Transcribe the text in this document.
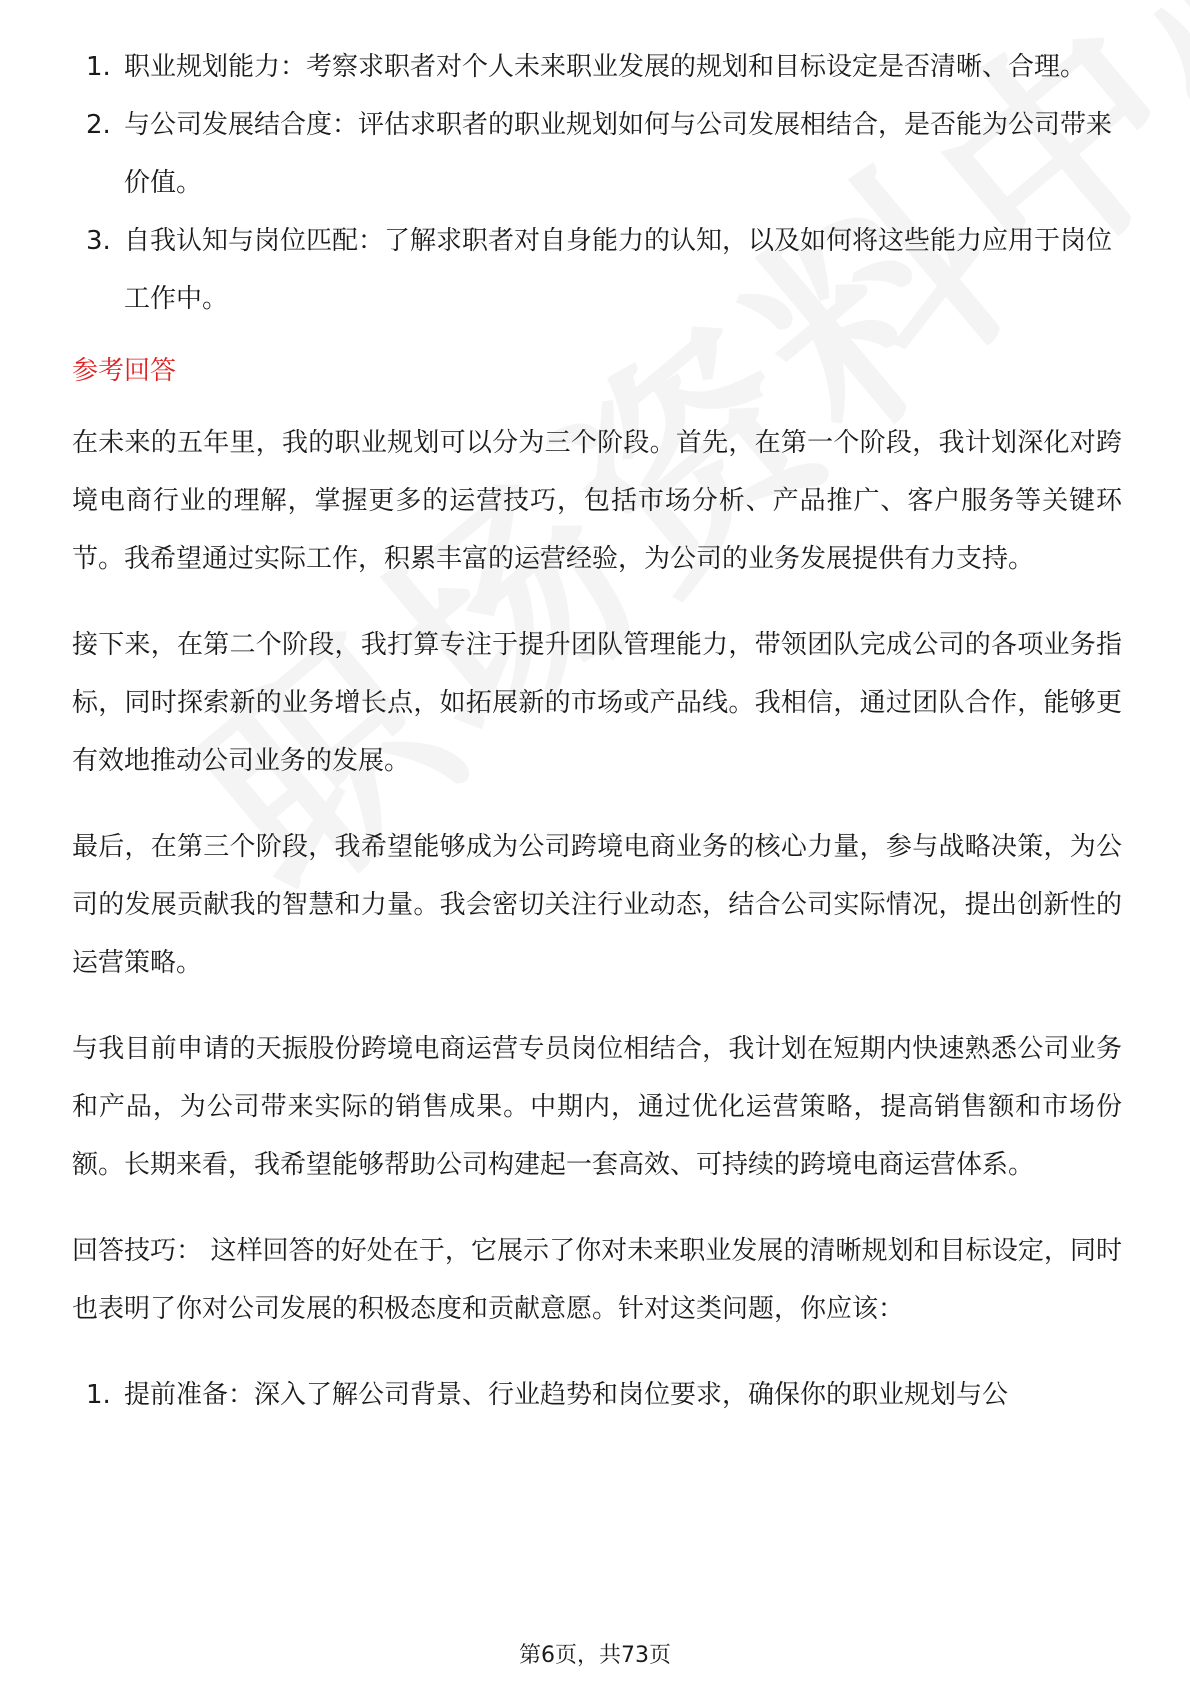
1. 职业规划能力：考察求职者对个人未来职业发展的规划和目标设定是否清晰、合理。
2. 与公司发展结合度：评估求职者的职业规划如何与公司发展相结合，是否能为公司带来价值。
3. 自我认知与岗位匹配：了解求职者对自身能力的认知，以及如何将这些能力应用于岗位工作中。
参考回答

在未来的五年里，我的职业规划可以分为三个阶段。首先，在第一个阶段，我计划深化对跨境电商行业的理解，掌握更多的运营技巧，包括市场分析、产品推广、客户服务等关键环节。我希望通过实际工作，积累丰富的运营经验，为公司的业务发展提供有力支持。

接下来，在第二个阶段，我打算专注于提升团队管理能力，带领团队完成公司的各项业务指标，同时探索新的业务增长点，如拓展新的市场或产品线。我相信，通过团队合作，能够更有效地推动公司业务的发展。

最后，在第三个阶段，我希望能够成为公司跨境电商业务的核心力量，参与战略决策，为公司的发展贡献我的智慧和力量。我会密切关注行业动态，结合公司实际情况，提出创新性的运营策略。

与我目前申请的天振股份跨境电商运营专员岗位相结合，我计划在短期内快速熟悉公司业务和产品，为公司带来实际的销售成果。中期内，通过优化运营策略，提高销售额和市场份额。长期来看，我希望能够帮助公司构建起一套高效、可持续的跨境电商运营体系。

回答技巧： 这样回答的好处在于，它展示了你对未来职业发展的清晰规划和目标设定，同时也表明了你对公司发展的积极态度和贡献意愿。针对这类问题，你应该：

1. 提前准备：深入了解公司背景、行业趋势和岗位要求，确保你的职业规划与公
第6页，共73页
